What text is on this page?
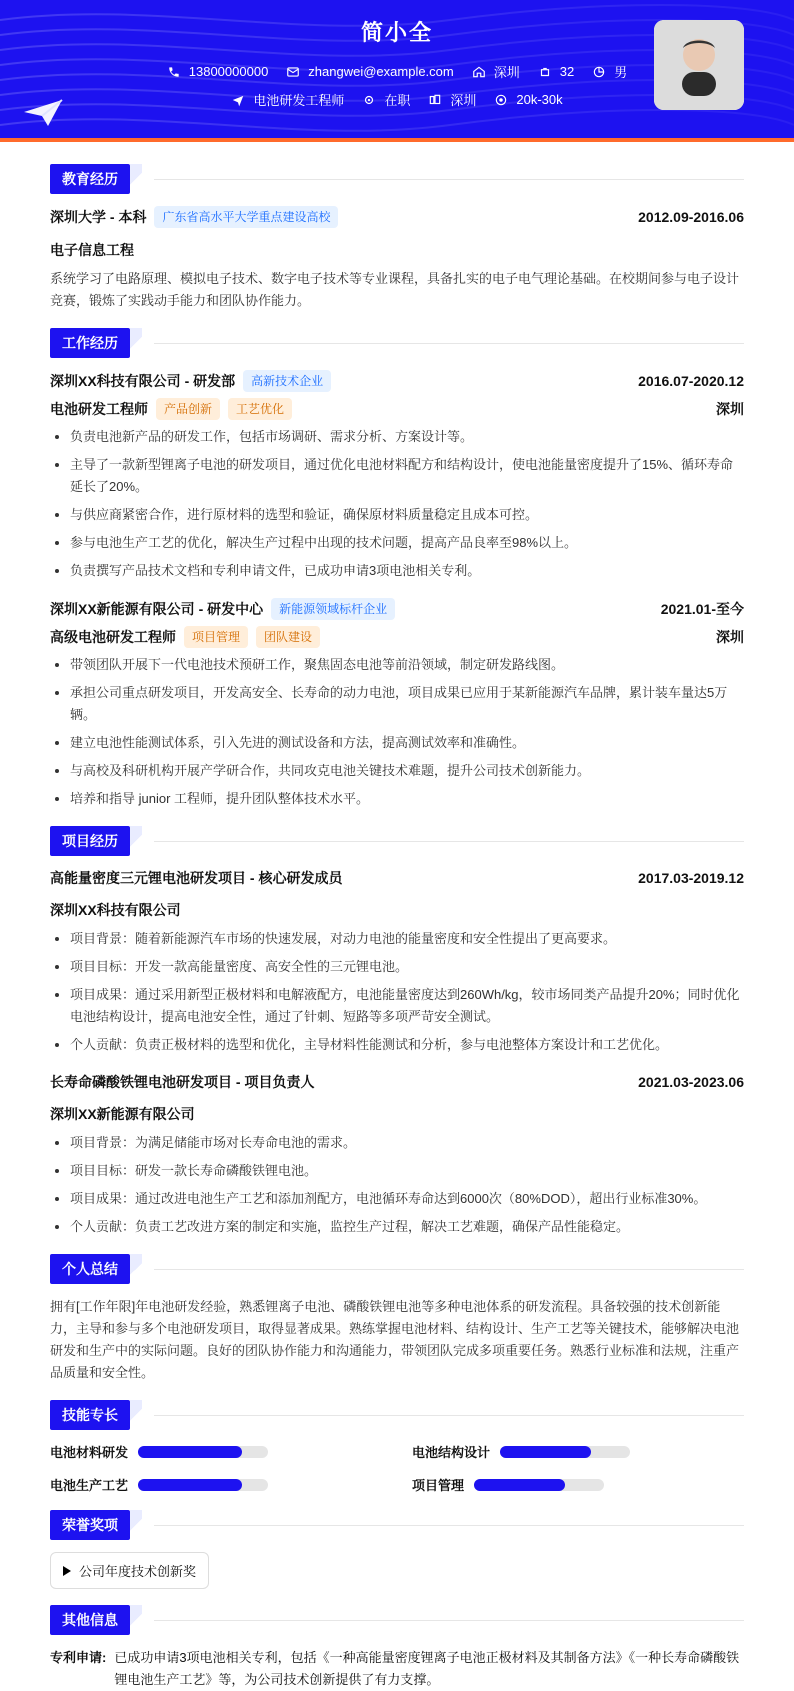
简小全
13800000000	zhangwei@example.com	深圳	32	男
电池研发工程师	在职	深圳	20k-30k
教育经历
深圳大学 - 本科	广东省高水平大学重点建设高校	2012.09-2016.06
电子信息工程
系统学习了电路原理、模拟电子技术、数字电子技术等专业课程，具备扎实的电子电气理论基础。在校期间参与电子设计竞赛，锻炼了实践动手能力和团队协作能力。
工作经历
深圳XX科技有限公司 - 研发部	高新技术企业	2016.07-2020.12
电池研发工程师	产品创新	工艺优化	深圳
• 负责电池新产品的研发工作，包括市场调研、需求分析、方案设计等。
• 主导了一款新型锂离子电池的研发项目，通过优化电池材料配方和结构设计，使电池能量密度提升了15%、循环寿命延长了20%。
• 与供应商紧密合作，进行原材料的选型和验证，确保原材料质量稳定且成本可控。
• 参与电池生产工艺的优化，解决生产过程中出现的技术问题，提高产品良率至98%以上。
• 负责撰写产品技术文档和专利申请文件，已成功申请3项电池相关专利。
深圳XX新能源有限公司 - 研发中心	新能源领域标杆企业	2021.01-至今
高级电池研发工程师	项目管理	团队建设	深圳
• 带领团队开展下一代电池技术预研工作，聚焦固态电池等前沿领域，制定研发路线图。
• 承担公司重点研发项目，开发高安全、长寿命的动力电池，项目成果已应用于某新能源汽车品牌，累计装车量达5万辆。
• 建立电池性能测试体系，引入先进的测试设备和方法，提高测试效率和准确性。
• 与高校及科研机构开展产学研合作，共同攻克电池关键技术难题，提升公司技术创新能力。
• 培养和指导 junior 工程师，提升团队整体技术水平。
项目经历
高能量密度三元锂电池研发项目 - 核心研发成员	2017.03-2019.12
深圳XX科技有限公司
• 项目背景：随着新能源汽车市场的快速发展，对动力电池的能量密度和安全性提出了更高要求。
• 项目目标：开发一款高能量密度、高安全性的三元锂电池。
• 项目成果：通过采用新型正极材料和电解液配方，电池能量密度达到260Wh/kg，较市场同类产品提升20%；同时优化电池结构设计，提高电池安全性，通过了针刺、短路等多项严苛安全测试。
• 个人贡献：负责正极材料的选型和优化，主导材料性能测试和分析，参与电池整体方案设计和工艺优化。
长寿命磷酸铁锂电池研发项目 - 项目负责人	2021.03-2023.06
深圳XX新能源有限公司
• 项目背景：为满足储能市场对长寿命电池的需求。
• 项目目标：研发一款长寿命磷酸铁锂电池。
• 项目成果：通过改进电池生产工艺和添加剂配方，电池循环寿命达到6000次（80%DOD），超出行业标准30%。
• 个人贡献：负责工艺改进方案的制定和实施，监控生产过程，解决工艺难题，确保产品性能稳定。
个人总结
拥有[工作年限]年电池研发经验，熟悉锂离子电池、磷酸铁锂电池等多种电池体系的研发流程。具备较强的技术创新能力，主导和参与多个电池研发项目，取得显著成果。熟练掌握电池材料、结构设计、生产工艺等关键技术，能够解决电池研发和生产中的实际问题。良好的团队协作能力和沟通能力，带领团队完成多项重要任务。熟悉行业标准和法规，注重产品质量和安全性。
技能专长
电池材料研发	电池结构设计
电池生产工艺	项目管理
荣誉奖项
公司年度技术创新奖
其他信息
专利申请: 已成功申请3项电池相关专利，包括《一种高能量密度锂离子电池正极材料及其制备方法》《一种长寿命磷酸铁锂电池生产工艺》等，为公司技术创新提供了有力支撑。
